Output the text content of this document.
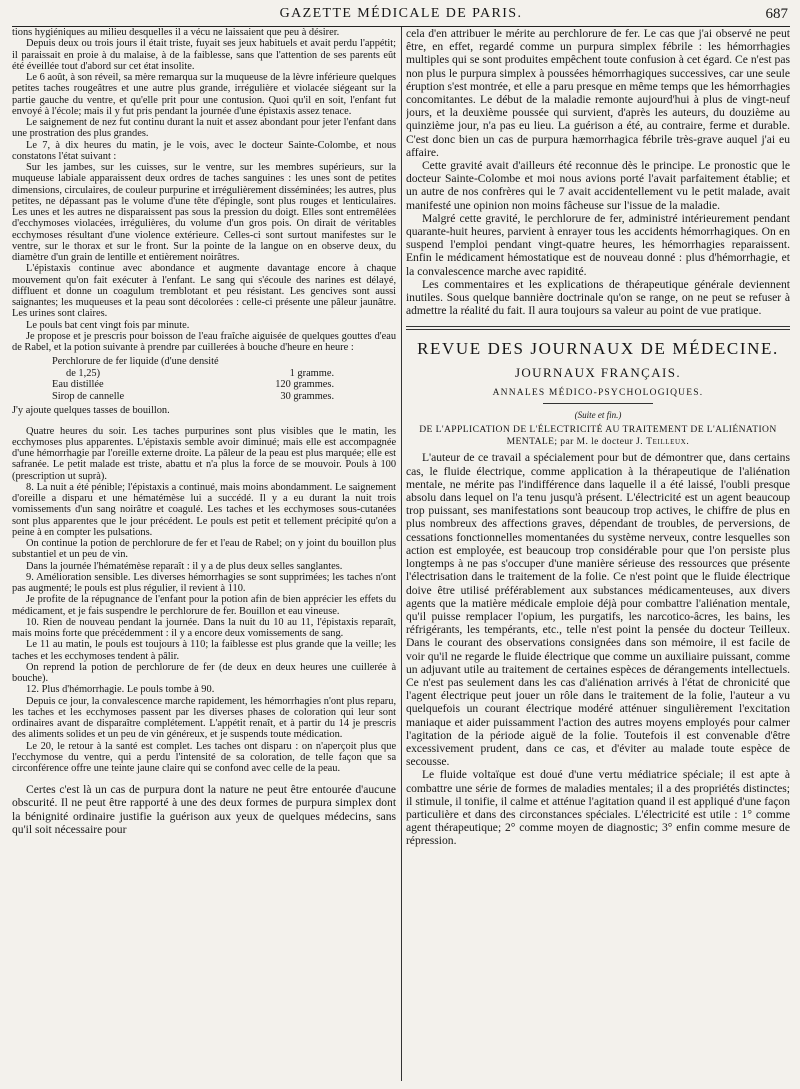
GAZETTE MÉDICALE DE PARIS.	687

tions hygiéniques au milieu desquelles il a vécu ne laissaient que peu à désirer.

Depuis deux ou trois jours il était triste, fuyait ses jeux habituels et avait perdu l'appétit; il paraissait en proie à du malaise, à de la faiblesse, sans que l'attention de ses parents eût été éveillée tout d'abord sur cet état insolite.

Le 6 août, à son réveil, sa mère remarqua sur la muqueuse de la lèvre inférieure quelques petites taches rougeâtres et une autre plus grande, irrégulière et violacée siégeant sur la partie gauche du ventre, et qu'elle prit pour une contusion. Quoi qu'il en soit, l'enfant fut envoyé à l'école; mais il y fut pris pendant la journée d'une épistaxis assez tenace.

Le saignement de nez fut continu durant la nuit et assez abondant pour jeter l'enfant dans une prostration des plus grandes.

Le 7, à dix heures du matin, je le vois, avec le docteur Sainte-Colombe, et nous constatons l'état suivant :

Sur les jambes, sur les cuisses, sur le ventre, sur les membres supérieurs, sur la muqueuse labiale apparaissent deux ordres de taches sanguines : les unes sont de petites dimensions, circulaires, de couleur purpurine et irrégulièrement disséminées; les autres, plus petites, ne dépassant pas le volume d'une tête d'épingle, sont plus rouges et lenticulaires. Les unes et les autres ne disparaissent pas sous la pression du doigt. Elles sont entremêlées d'ecchymoses violacées, irrégulières, du volume d'un gros pois. On dirait de véritables ecchymoses résultant d'une violence extérieure. Celles-ci sont surtout manifestes sur le ventre, sur le thorax et sur le front. Sur la pointe de la langue on en observe deux, du diamètre d'un grain de lentille et entièrement noirâtres.

L'épistaxis continue avec abondance et augmente davantage encore à chaque mouvement qu'on fait exécuter à l'enfant. Le sang qui s'écoule des narines est délayé, diffluent et donne un coagulum tremblotant et peu résistant. Les gencives sont aussi saignantes; les muqueuses et la peau sont décolorées : celle-ci présente une pâleur jaunâtre. Les urines sont claires.

Le pouls bat cent vingt fois par minute.

Je propose et je prescris pour boisson de l'eau fraîche aiguisée de quelques gouttes d'eau de Rabel, et la potion suivante à prendre par cuillerées à bouche d'heure en heure :

Perchlorure de fer liquide (d'une densité
de 1,25)	1 gramme.
Eau distillée	120 grammes.
Sirop de cannelle	30 grammes.

J'y ajoute quelques tasses de bouillon.

Quatre heures du soir. Les taches purpurines sont plus visibles que le matin, les ecchymoses plus apparentes. L'épistaxis semble avoir diminué; mais elle est accompagnée d'une hémorrhagie par l'oreille externe droite. La pâleur de la peau est plus marquée; elle est safranée. Le petit malade est triste, abattu et n'a plus la force de se mouvoir. Pouls à 100 (prescription ut suprà).

8. La nuit a été pénible; l'épistaxis a continué, mais moins abondamment. Le saignement d'oreille a disparu et une hématémèse lui a succédé. Il y a eu durant la nuit trois vomissements d'un sang noirâtre et coagulé. Les taches et les ecchymoses sous-cutanées sont plus apparentes que le jour précédent. Le pouls est petit et tellement précipité qu'on a peine à en compter les pulsations.

On continue la potion de perchlorure de fer et l'eau de Rabel; on y joint du bouillon plus substantiel et un peu de vin.

Dans la journée l'hématémèse reparaît : il y a de plus deux selles sanglantes.

9. Amélioration sensible. Les diverses hémorrhagies se sont supprimées; les taches n'ont pas augmenté; le pouls est plus régulier, il revient à 110.

Je profite de la répugnance de l'enfant pour la potion afin de bien apprécier les effets du médicament, et je fais suspendre le perchlorure de fer. Bouillon et eau vineuse.

10. Rien de nouveau pendant la journée. Dans la nuit du 10 au 11, l'épistaxis reparaît, mais moins forte que précédemment : il y a encore deux vomissements de sang.

Le 11 au matin, le pouls est toujours à 110; la faiblesse est plus grande que la veille; les taches et les ecchymoses tendent à pâlir.

On reprend la potion de perchlorure de fer (de deux en deux heures une cuillerée à bouche).

12. Plus d'hémorrhagie. Le pouls tombe à 90.

Depuis ce jour, la convalescence marche rapidement, les hémorrhagies n'ont plus reparu, les taches et les ecchymoses passent par les diverses phases de coloration qui leur sont ordinaires avant de disparaître complétement. L'appétit renaît, et à partir du 14 je prescris des aliments solides et un peu de vin généreux, et je suspends toute médication.

Le 20, le retour à la santé est complet. Les taches ont disparu : on n'aperçoit plus que l'ecchymose du ventre, qui a perdu l'intensité de sa coloration, de telle façon que sa circonférence offre une teinte jaune claire qui se confond avec celle de la peau.

Certes c'est là un cas de purpura dont la nature ne peut être entourée d'aucune obscurité. Il ne peut être rapporté à une des deux formes de purpura simplex dont la bénignité ordinaire justifie la guérison aux yeux de quelques médecins, sans qu'il soit nécessaire pour

cela d'en attribuer le mérite au perchlorure de fer. Le cas que j'ai observé ne peut être, en effet, regardé comme un purpura simplex fébrile : les hémorrhagies multiples qui se sont produites empêchent toute confusion à cet égard. Ce n'est pas non plus le purpura simplex à poussées hémorrhagiques successives, car une seule éruption s'est montrée, et elle a paru presque en même temps que les hémorrhagies concomitantes. Le début de la maladie remonte aujourd'hui à plus de vingt-neuf jours, et la deuxième poussée qui survient, d'après les auteurs, du douzième au quinzième jour, n'a pas eu lieu. La guérison a été, au contraire, ferme et durable. C'est donc bien un cas de purpura hæmorrhagica fébrile très-grave auquel j'ai eu affaire.

Cette gravité avait d'ailleurs été reconnue dès le principe. Le pronostic que le docteur Sainte-Colombe et moi nous avions porté l'avait parfaitement établie; et un autre de nos confrères qui le 7 avait accidentellement vu le petit malade, avait manifesté une opinion non moins fâcheuse sur l'issue de la maladie.

Malgré cette gravité, le perchlorure de fer, administré intérieurement pendant quarante-huit heures, parvient à enrayer tous les accidents hémorrhagiques. On en suspend l'emploi pendant vingt-quatre heures, les hémorrhagies reparaissent. Enfin le médicament hémostatique est de nouveau donné : plus d'hémorrhagie, et la convalescence marche avec rapidité.

Les commentaires et les explications de thérapeutique générale deviennent inutiles. Sous quelque bannière doctrinale qu'on se range, on ne peut se refuser à admettre la réalité du fait. Il aura toujours sa valeur au point de vue pratique.

REVUE DES JOURNAUX DE MÉDECINE.
JOURNAUX FRANÇAIS.
ANNALES MÉDICO-PSYCHOLOGIQUES.
(Suite et fin.)
DE L'APPLICATION DE L'ÉLECTRICITÉ AU TRAITEMENT DE L'ALIÉNATION MENTALE; par M. le docteur J. Teilleux.

L'auteur de ce travail a spécialement pour but de démontrer que, dans certains cas, le fluide électrique, comme application à la thérapeutique de l'aliénation mentale, ne mérite pas l'indifférence dans laquelle il a été laissé, l'oubli presque absolu dans lequel on l'a tenu jusqu'à présent. L'électricité est un agent beaucoup trop puissant, ses manifestations sont beaucoup trop actives, le chiffre de plus en plus nombreux des affections graves, dépendant de troubles, de perversions, de cessations fonctionnelles momentanées du système nerveux, contre lesquelles son action est employée, est beaucoup trop considérable pour que l'on persiste plus longtemps à ne pas s'occuper d'une manière sérieuse des ressources que présente l'électrisation dans le traitement de la folie. Ce n'est point que le fluide électrique doive être utilisé préférablement aux substances médicamenteuses, aux divers agents que la matière médicale emploie déjà pour combattre l'aliénation mentale, qu'il puisse remplacer l'opium, les purgatifs, les narcotico-âcres, les bains, les réfrigérants, les tempérants, etc., telle n'est point la pensée du docteur Teilleux. Dans le courant des observations consignées dans son mémoire, il est facile de voir qu'il ne regarde le fluide électrique que comme un auxiliaire puissant, comme un adjuvant utile au traitement de certaines espèces de dérangements intellectuels. Ce n'est pas seulement dans les cas d'aliénation arrivés à l'état de chronicité que l'agent électrique peut jouer un rôle dans le traitement de la folie, l'auteur a vu quelquefois un courant électrique modéré atténuer singulièrement l'excitation maniaque et aider puissamment l'action des autres moyens employés pour calmer l'agitation de la période aiguë de la folie. Toutefois il est convenable d'être excessivement prudent, dans ce cas, et d'éviter au malade toute espèce de secousse.

Le fluide voltaïque est doué d'une vertu médiatrice spéciale; il est apte à combattre une série de formes de maladies mentales; il a des propriétés distinctes; il stimule, il tonifie, il calme et atténue l'agitation quand il est appliqué d'une façon particulière et dans des circonstances spéciales. L'électricité est utile : 1° comme agent thérapeutique; 2° comme moyen de diagnostic; 3° enfin comme mesure de répression.
